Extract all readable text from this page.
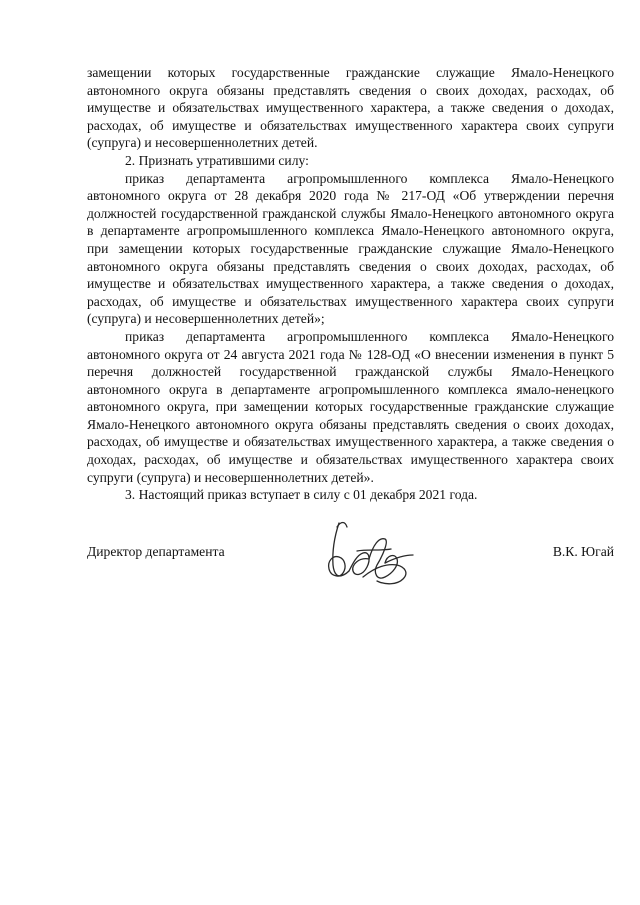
замещении которых государственные гражданские служащие Ямало-Ненецкого автономного округа обязаны представлять сведения о своих доходах, расходах, об имуществе и обязательствах имущественного характера, а также сведения о доходах, расходах, об имуществе и обязательствах имущественного характера своих супруги (супруга) и несовершеннолетних детей.

2. Признать утратившими силу:

приказ департамента агропромышленного комплекса Ямало-Ненецкого автономного округа от 28 декабря 2020 года № 217-ОД «Об утверждении перечня должностей государственной гражданской службы Ямало-Ненецкого автономного округа в департаменте агропромышленного комплекса Ямало-Ненецкого автономного округа, при замещении которых государственные гражданские служащие Ямало-Ненецкого автономного округа обязаны представлять сведения о своих доходах, расходах, об имуществе и обязательствах имущественного характера, а также сведения о доходах, расходах, об имуществе и обязательствах имущественного характера своих супруги (супруга) и несовершеннолетних детей»;

приказ департамента агропромышленного комплекса Ямало-Ненецкого автономного округа от 24 августа 2021 года № 128-ОД «О внесении изменения в пункт 5 перечня должностей государственной гражданской службы Ямало-Ненецкого автономного округа в департаменте агропромышленного комплекса ямало-ненецкого автономного округа, при замещении которых государственные гражданские служащие Ямало-Ненецкого автономного округа обязаны представлять сведения о своих доходах, расходах, об имуществе и обязательствах имущественного характера, а также сведения о доходах, расходах, об имуществе и обязательствах имущественного характера своих супруги (супруга) и несовершеннолетних детей».

3. Настоящий приказ вступает в силу с 01 декабря 2021 года.

Директор департамента	В.К. Югай
